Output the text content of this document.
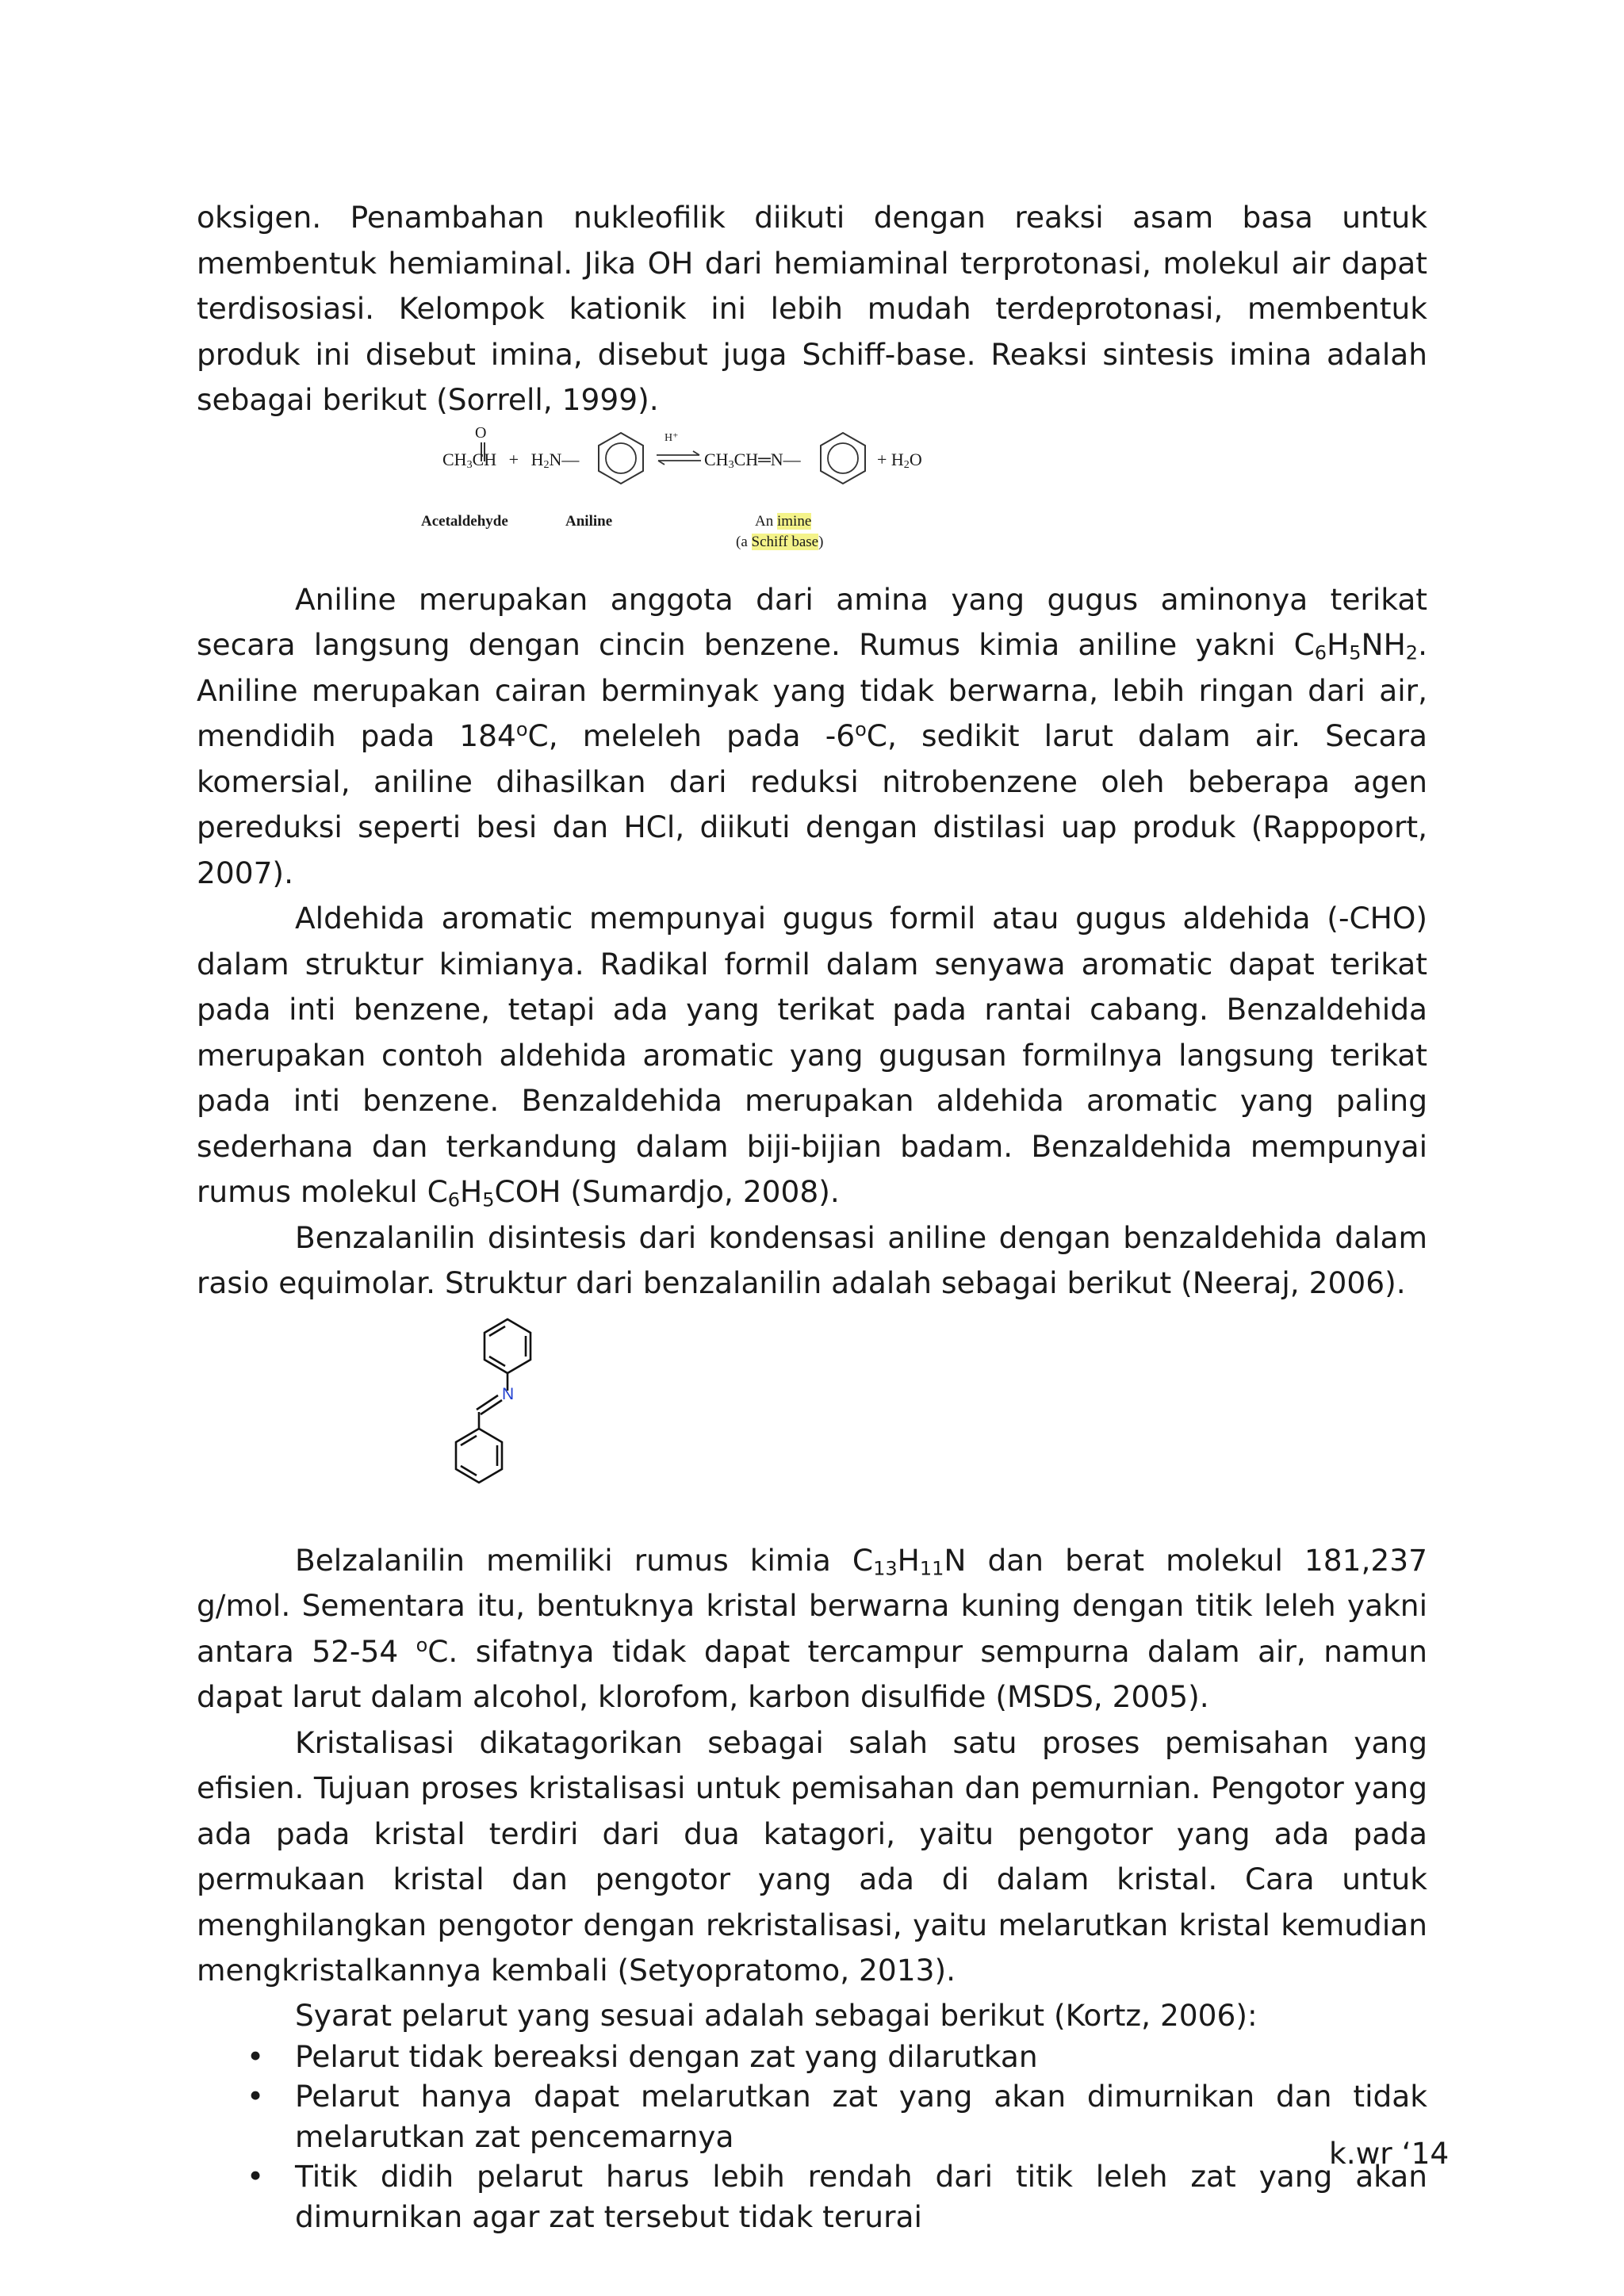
oksigen. Penambahan nukleofilik diikuti dengan reaksi asam basa untuk membentuk hemiaminal. Jika OH dari hemiaminal terprotonasi, molekul air dapat terdisosiasi. Kelompok kationik ini lebih mudah terdeprotonasi, membentuk produk ini disebut imina, disebut juga Schiff-base. Reaksi sintesis imina adalah sebagai berikut (Sorrell, 1999).

O
$CH_3CH$ + $H_2N—$
H⁺
⇌ $CH_3CH═N—$	+ $H_2O$
Acetaldehyde	Aniline	An imine
(a Schiff base)

Aniline merupakan anggota dari amina yang gugus aminonya terikat secara langsung dengan cincin benzene. Rumus kimia aniline yakni $C_6H_5NH_2$. Aniline merupakan cairan berminyak yang tidak berwarna, lebih ringan dari air, mendidih pada 184$^o$C, meleleh pada -6$^o$C, sedikit larut dalam air. Secara komersial, aniline dihasilkan dari reduksi nitrobenzene oleh beberapa agen pereduksi seperti besi dan HCl, diikuti dengan distilasi uap produk (Rappoport, 2007).

Aldehida aromatic mempunyai gugus formil atau gugus aldehida (-CHO) dalam struktur kimianya. Radikal formil dalam senyawa aromatic dapat terikat pada inti benzene, tetapi ada yang terikat pada rantai cabang. Benzaldehida merupakan contoh aldehida aromatic yang gugusan formilnya langsung terikat pada inti benzene. Benzaldehida merupakan aldehida aromatic yang paling sederhana dan terkandung dalam biji-bijian badam. Benzaldehida mempunyai rumus molekul $C_6H_5COH$ (Sumardjo, 2008).

Benzalanilin disintesis dari kondensasi aniline dengan benzaldehida dalam rasio equimolar. Struktur dari benzalanilin adalah sebagai berikut (Neeraj, 2006).

N

Belzalanilin memiliki rumus kimia $C_{13}H_{11}N$ dan berat molekul 181,237 g/mol. Sementara itu, bentuknya kristal berwarna kuning dengan titik leleh yakni antara 52-54 $^o$C. sifatnya tidak dapat tercampur sempurna dalam air, namun dapat larut dalam alcohol, klorofom, karbon disulfide (MSDS, 2005).

Kristalisasi dikatagorikan sebagai salah satu proses pemisahan yang efisien. Tujuan proses kristalisasi untuk pemisahan dan pemurnian. Pengotor yang ada pada kristal terdiri dari dua katagori, yaitu pengotor yang ada pada permukaan kristal dan pengotor yang ada di dalam kristal. Cara untuk menghilangkan pengotor dengan rekristalisasi, yaitu melarutkan kristal kemudian mengkristalkannya kembali (Setyopratomo, 2013).

Syarat pelarut yang sesuai adalah sebagai berikut (Kortz, 2006):

• Pelarut tidak bereaksi dengan zat yang dilarutkan
• Pelarut hanya dapat melarutkan zat yang akan dimurnikan dan tidak melarutkan zat pencemarnya
• Titik didih pelarut harus lebih rendah dari titik leleh zat yang akan dimurnikan agar zat tersebut tidak terurai
k.wr ‘14
